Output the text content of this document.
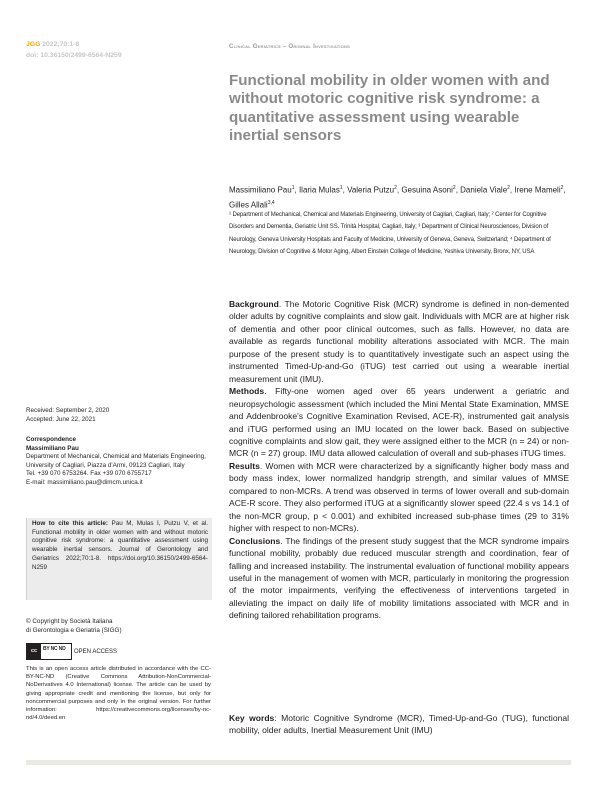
JGG 2022;70:1-8
doi: 10.36150/2499-6564-N259
Clinical Geriatrics – Original Investigations
Functional mobility in older women with and without motoric cognitive risk syndrome: a quantitative assessment using wearable inertial sensors
Massimiliano Pau$^1$, Ilaria Mulas$^1$, Valeria Putzu$^2$, Gesuina Asoni$^2$, Daniela Viale$^2$, Irene Mameli$^2$, Gilles Allali$^{3,4}$
¹ Department of Mechanical, Chemical and Materials Engineering, University of Cagliari, Cagliari, Italy; ² Center for Cognitive Disorders and Dementia, Geriatric Unit SS. Trinità Hospital, Cagliari, Italy; ³ Department of Clinical Neurosciences, Division of Neurology, Geneva University Hospitals and Faculty of Medicine, University of Geneva, Geneva, Switzerland; ⁴ Department of Neurology, Division of Cognitive & Motor Aging, Albert Einstein College of Medicine, Yeshiva University, Bronx, NY, USA

Background. The Motoric Cognitive Risk (MCR) syndrome is defined in non-demented older adults by cognitive complaints and slow gait. Individuals with MCR are at higher risk of dementia and other poor clinical outcomes, such as falls. However, no data are available as regards functional mobility alterations associated with MCR. The main purpose of the present study is to quantitatively investigate such an aspect using the instrumented Timed-Up-and-Go (iTUG) test carried out using a wearable inertial measurement unit (IMU).

Methods. Fifty-one women aged over 65 years underwent a geriatric and neuropsychologic assessment (which included the Mini Mental State Examination, MMSE and Addenbrooke's Cognitive Examination Revised, ACE-R), instrumented gait analysis and iTUG performed using an IMU located on the lower back. Based on subjective cognitive complaints and slow gait, they were assigned either to the MCR (n = 24) or non-MCR (n = 27) group. IMU data allowed calculation of overall and sub-phases iTUG times.

Results. Women with MCR were characterized by a significantly higher body mass and body mass index, lower normalized handgrip strength, and similar values of MMSE compared to non-MCRs. A trend was observed in terms of lower overall and sub-domain ACE-R score. They also performed iTUG at a significantly slower speed (22.4 s vs 14.1 of the non-MCR group, p < 0.001) and exhibited increased sub-phase times (29 to 31% higher with respect to non-MCRs).

Conclusions. The findings of the present study suggest that the MCR syndrome impairs functional mobility, probably due reduced muscular strength and coordination, fear of falling and increased instability. The instrumental evaluation of functional mobility appears useful in the management of women with MCR, particularly in monitoring the progression of the motor impairments, verifying the effectiveness of interventions targeted in alleviating the impact on daily life of mobility limitations associated with MCR and in defining tailored rehabilitation programs.

Key words: Motoric Cognitive Syndrome (MCR), Timed-Up-and-Go (TUG), functional mobility, older adults, Inertial Measurement Unit (IMU)
Received: September 2, 2020
Accepted: June 22, 2021
Correspondence
Massimiliano Pau
Department of Mechanical, Chemical and Materials Engineering, University of Cagliari, Piazza d'Armi, 09123 Cagliari, Italy
Tel. +39 070 6753264. Fax +39 070 6755717
E-mail: massimiliano.pau@dimcm.unica.it
How to cite this article: Pau M, Mulas I, Putzu V, et al. Functional mobility in older women with and without motoric cognitive risk syndrome: a quantitative assessment using wearable inertial sensors. Journal of Gerontology and Geriatrics 2022;70:1-8. https://doi.org/10.36150/2499-6564-N259
© Copyright by Società Italiana
di Gerontologia e Geriatria (SIGG)
cc	BY NC ND OPEN ACCESS
This is an open access article distributed in accordance with the CC-BY-NC-ND (Creative Commons Attribution-NonCommercial-NoDerivatives 4.0 International) license. The article can be used by giving appropriate credit and mentioning the license, but only for noncommercial purposes and only in the original version. For further information: https://creativecommons.org/licenses/by-nc-nd/4.0/deed.en
